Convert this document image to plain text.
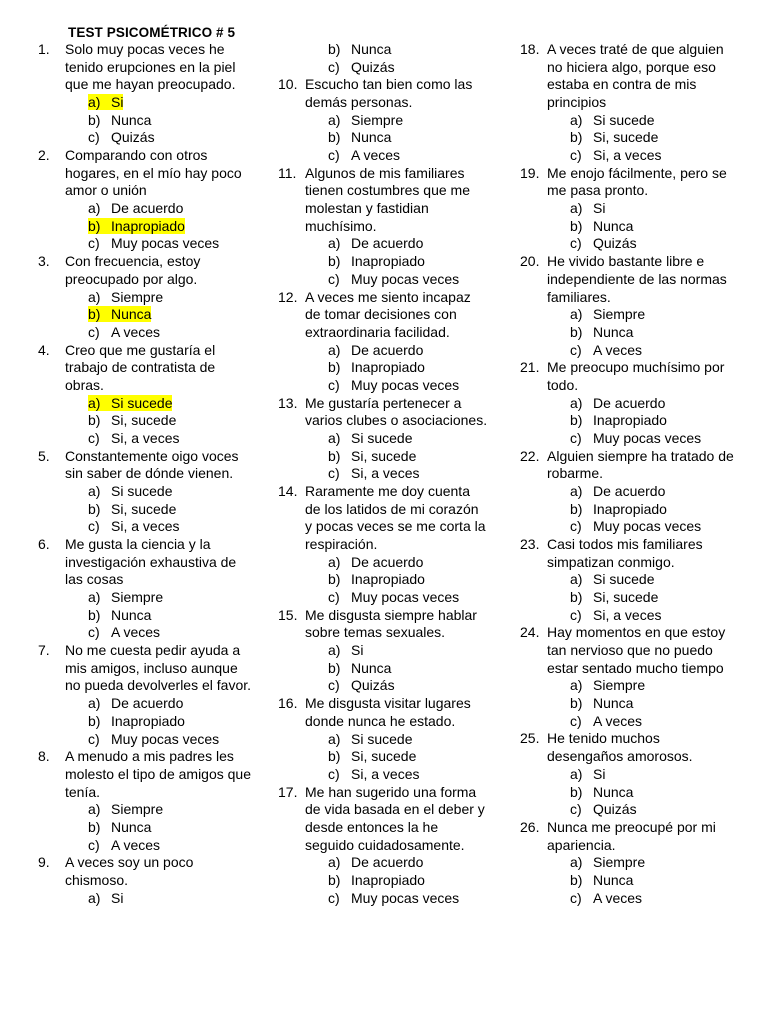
TEST PSICOMÉTRICO # 5
1. Solo muy pocas veces he tenido erupciones en la piel que me hayan preocupado.
a) Si
b) Nunca
c) Quizás
2. Comparando con otros hogares, en el mío hay poco amor o unión
a) De acuerdo
b) Inapropiado
c) Muy pocas veces
3. Con frecuencia, estoy preocupado por algo.
a) Siempre
b) Nunca
c) A veces
4. Creo que me gustaría el trabajo de contratista de obras.
a) Si sucede
b) Si, sucede
c) Si, a veces
5. Constantemente oigo voces sin saber de dónde vienen.
a) Si sucede
b) Si, sucede
c) Si, a veces
6. Me gusta la ciencia y la investigación exhaustiva de las cosas
a) Siempre
b) Nunca
c) A veces
7. No me cuesta pedir ayuda a mis amigos, incluso aunque no pueda devolverles el favor.
a) De acuerdo
b) Inapropiado
c) Muy pocas veces
8. A menudo a mis padres les molesto el tipo de amigos que tenía.
a) Siempre
b) Nunca
c) A veces
9. A veces soy un poco chismoso.
a) Si
b) Nunca
c) Quizás
10. Escucho tan bien como las demás personas.
a) Siempre
b) Nunca
c) A veces
11. Algunos de mis familiares tienen costumbres que me molestan y fastidian muchísimo.
a) De acuerdo
b) Inapropiado
c) Muy pocas veces
12. A veces me siento incapaz de tomar decisiones con extraordinaria facilidad.
a) De acuerdo
b) Inapropiado
c) Muy pocas veces
13. Me gustaría pertenecer a varios clubes o asociaciones.
a) Si sucede
b) Si, sucede
c) Si, a veces
14. Raramente me doy cuenta de los latidos de mi corazón y pocas veces se me corta la respiración.
a) De acuerdo
b) Inapropiado
c) Muy pocas veces
15. Me disgusta siempre hablar sobre temas sexuales.
a) Si
b) Nunca
c) Quizás
16. Me disgusta visitar lugares donde nunca he estado.
a) Si sucede
b) Si, sucede
c) Si, a veces
17. Me han sugerido una forma de vida basada en el deber y desde entonces la he seguido cuidadosamente.
a) De acuerdo
b) Inapropiado
c) Muy pocas veces
18. A veces traté de que alguien no hiciera algo, porque eso estaba en contra de mis principios
a) Si sucede
b) Si, sucede
c) Si, a veces
19. Me enojo fácilmente, pero se me pasa pronto.
a) Si
b) Nunca
c) Quizás
20. He vivido bastante libre e independiente de las normas familiares.
a) Siempre
b) Nunca
c) A veces
21. Me preocupo muchísimo por todo.
a) De acuerdo
b) Inapropiado
c) Muy pocas veces
22. Alguien siempre ha tratado de robarme.
a) De acuerdo
b) Inapropiado
c) Muy pocas veces
23. Casi todos mis familiares simpatizan conmigo.
a) Si sucede
b) Si, sucede
c) Si, a veces
24. Hay momentos en que estoy tan nervioso que no puedo estar sentado mucho tiempo
a) Siempre
b) Nunca
c) A veces
25. He tenido muchos desengaños amorosos.
a) Si
b) Nunca
c) Quizás
26. Nunca me preocupé por mi apariencia.
a) Siempre
b) Nunca
c) A veces
